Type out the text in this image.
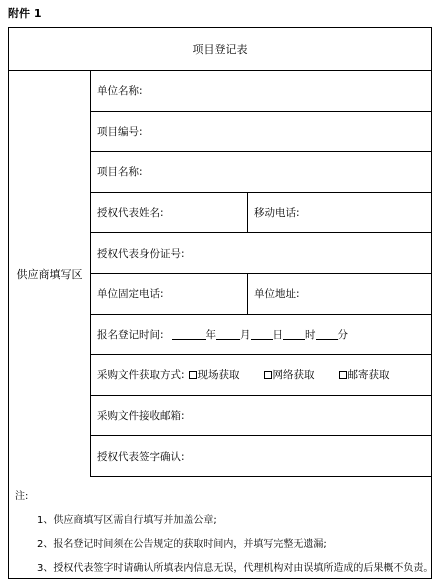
附件 1
项目登记表
供应商填写区
单位名称:
项目编号:
项目名称:
授权代表姓名:	移动电话:
授权代表身份证号:
单位固定电话:	单位地址:
报名登记时间:	年 月 日 时 分
采购文件获取方式:	现场获取	网络获取	邮寄获取
采购文件接收邮箱:
授权代表签字确认:
注:
1、供应商填写区需自行填写并加盖公章;
2、报名登记时间须在公告规定的获取时间内，并填写完整无遗漏;
3、授权代表签字时请确认所填表内信息无误，代理机构对由误填所造成的后果概不负责。
